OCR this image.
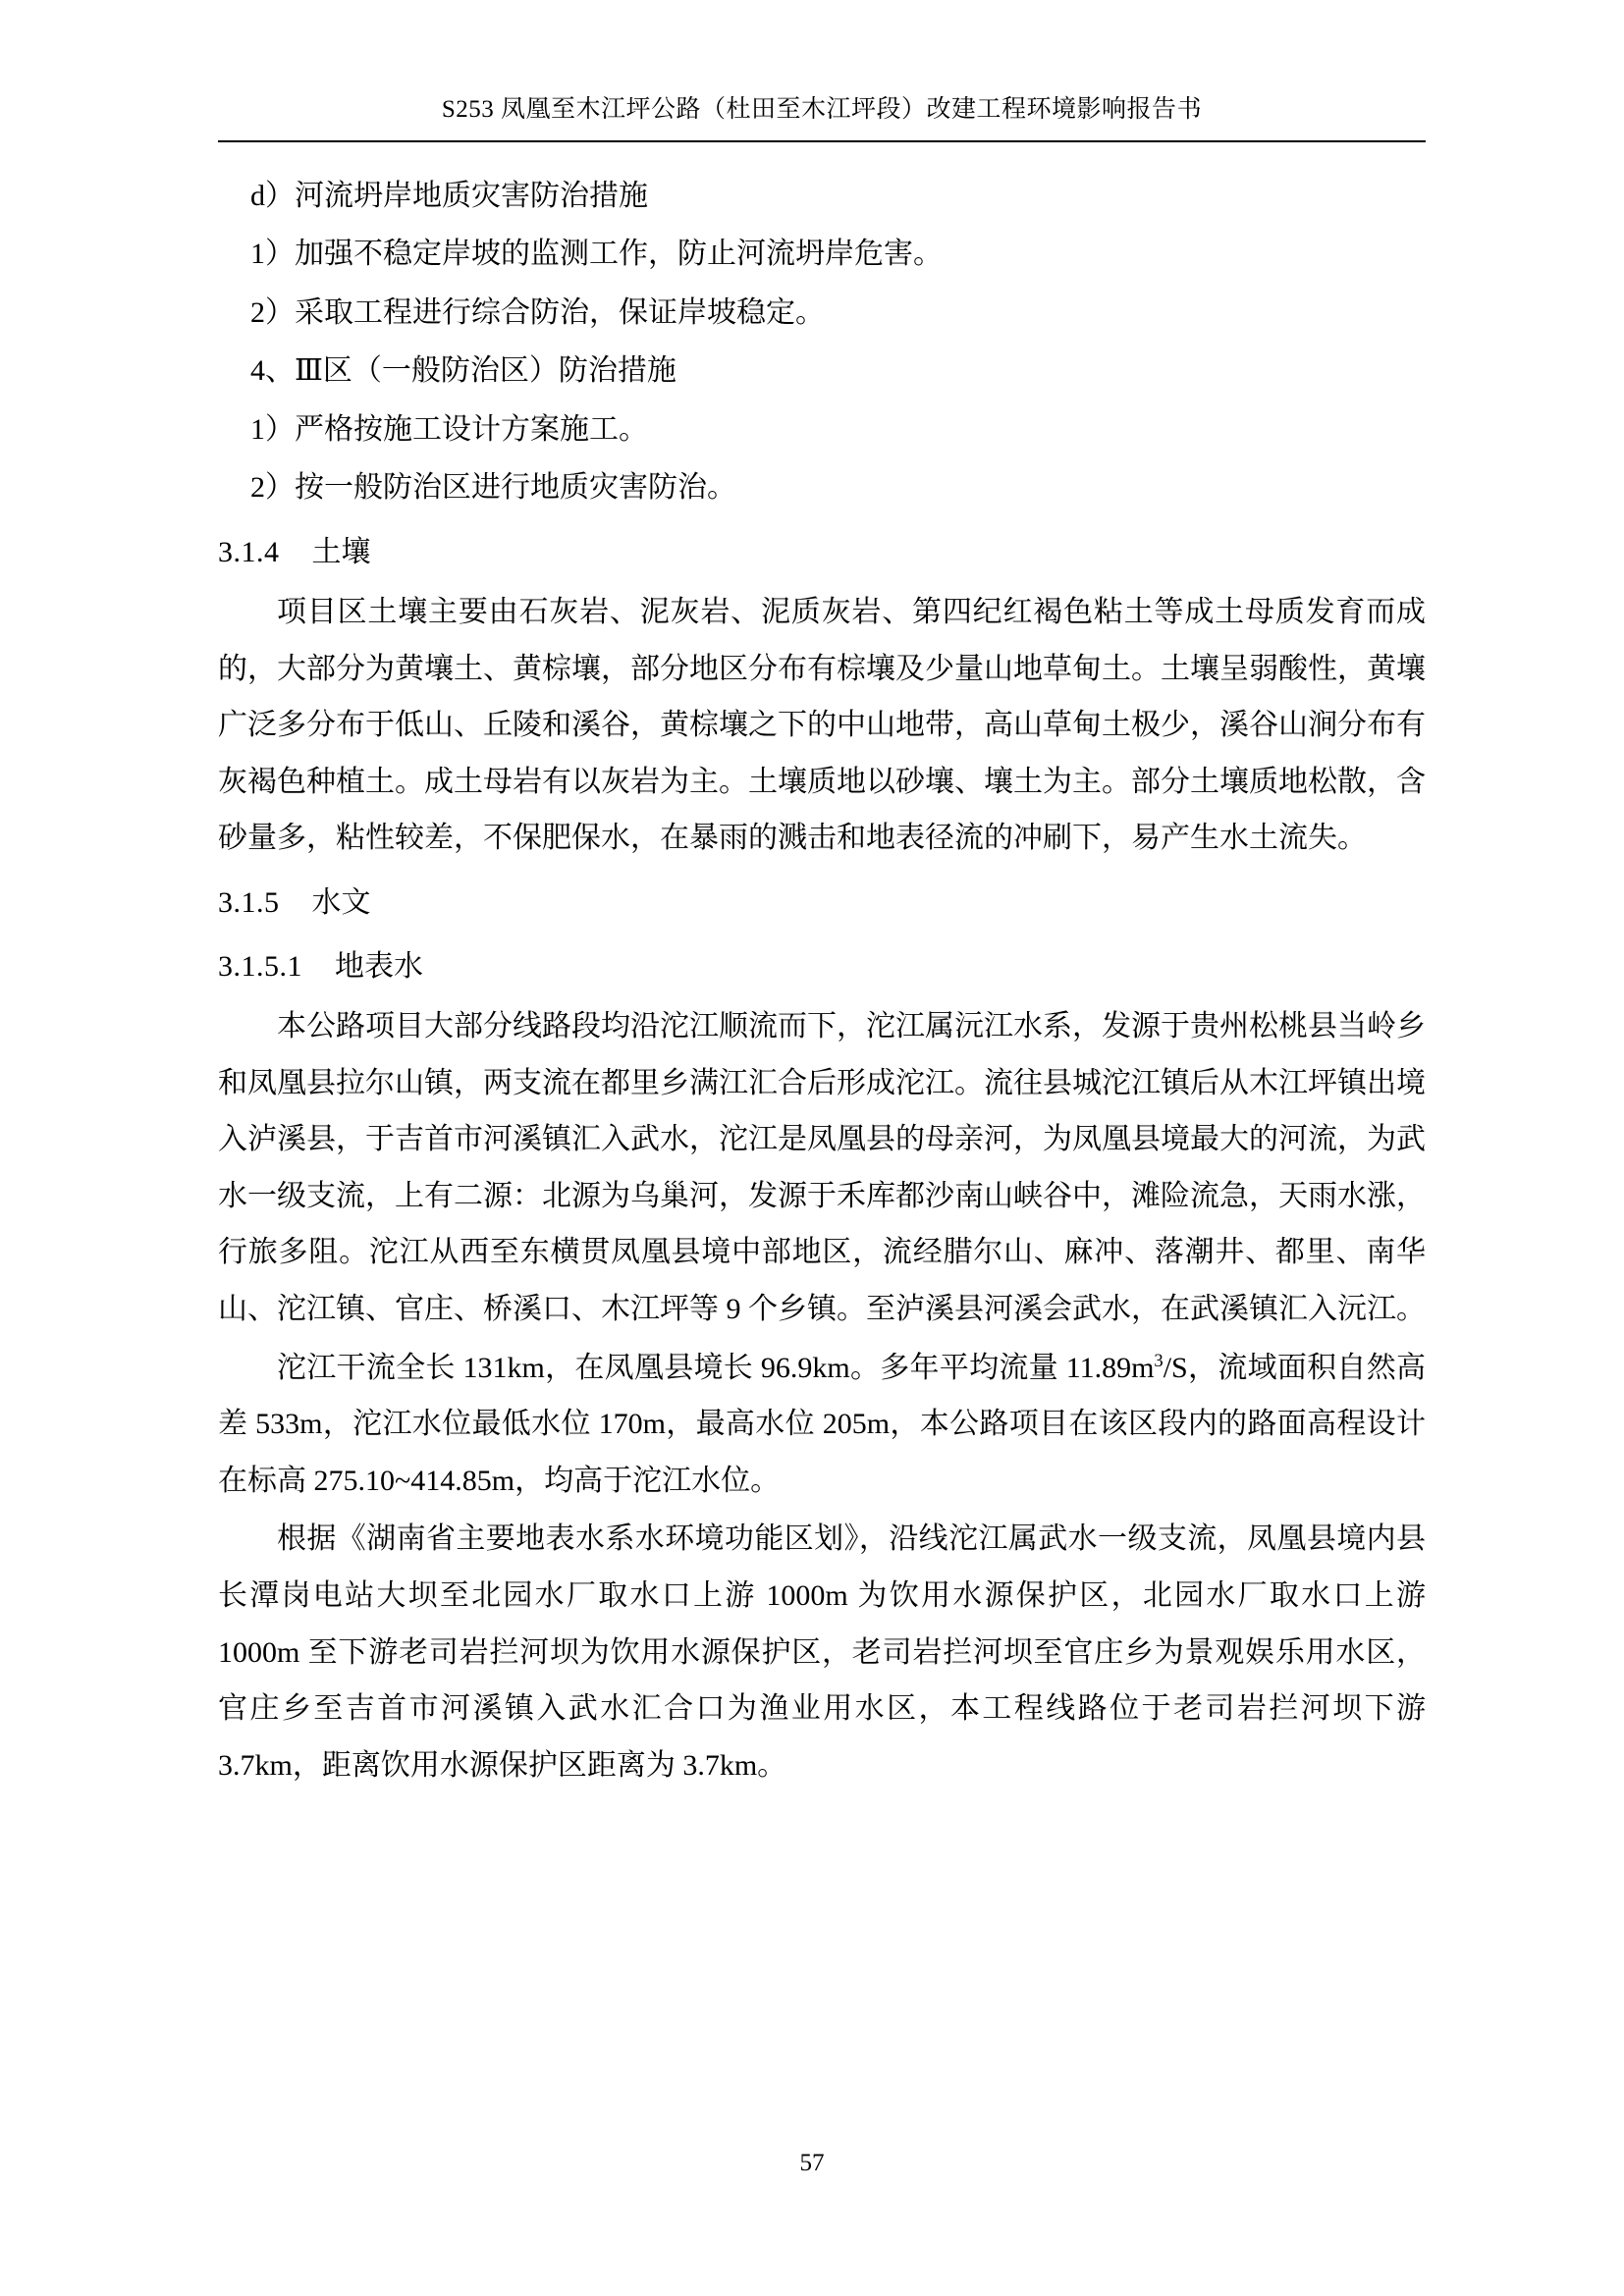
S253 凤凰至木江坪公路（杜田至木江坪段）改建工程环境影响报告书

d）河流坍岸地质灾害防治措施

1）加强不稳定岸坡的监测工作，防止河流坍岸危害。

2）采取工程进行综合防治，保证岸坡稳定。

4、Ⅲ区（一般防治区）防治措施

1）严格按施工设计方案施工。

2）按一般防治区进行地质灾害防治。

3.1.4 土壤

项目区土壤主要由石灰岩、泥灰岩、泥质灰岩、第四纪红褐色粘土等成土母质发育而成的，大部分为黄壤土、黄棕壤，部分地区分布有棕壤及少量山地草甸土。土壤呈弱酸性，黄壤广泛多分布于低山、丘陵和溪谷，黄棕壤之下的中山地带，高山草甸土极少，溪谷山涧分布有灰褐色种植土。成土母岩有以灰岩为主。土壤质地以砂壤、壤土为主。部分土壤质地松散，含砂量多，粘性较差，不保肥保水，在暴雨的溅击和地表径流的冲刷下，易产生水土流失。

3.1.5 水文
3.1.5.1 地表水

本公路项目大部分线路段均沿沱江顺流而下，沱江属沅江水系，发源于贵州松桃县当岭乡和凤凰县拉尔山镇，两支流在都里乡满江汇合后形成沱江。流往县城沱江镇后从木江坪镇出境入泸溪县，于吉首市河溪镇汇入武水，沱江是凤凰县的母亲河，为凤凰县境最大的河流，为武水一级支流，上有二源：北源为乌巢河，发源于禾库都沙南山峡谷中，滩险流急，天雨水涨，行旅多阻。沱江从西至东横贯凤凰县境中部地区，流经腊尔山、麻冲、落潮井、都里、南华山、沱江镇、官庄、桥溪口、木江坪等 9 个乡镇。至泸溪县河溪会武水，在武溪镇汇入沅江。

沱江干流全长 131km，在凤凰县境长 96.9km。多年平均流量 $11.89m^3/S$，流域面积自然高差 533m，沱江水位最低水位 170m，最高水位 205m，本公路项目在该区段内的路面高程设计在标高 275.10~414.85m，均高于沱江水位。

根据《湖南省主要地表水系水环境功能区划》，沿线沱江属武水一级支流，凤凰县境内县长潭岗电站大坝至北园水厂取水口上游 1000m 为饮用水源保护区，北园水厂取水口上游 1000m 至下游老司岩拦河坝为饮用水源保护区，老司岩拦河坝至官庄乡为景观娱乐用水区，官庄乡至吉首市河溪镇入武水汇合口为渔业用水区，本工程线路位于老司岩拦河坝下游 3.7km，距离饮用水源保护区距离为 3.7km。

57
